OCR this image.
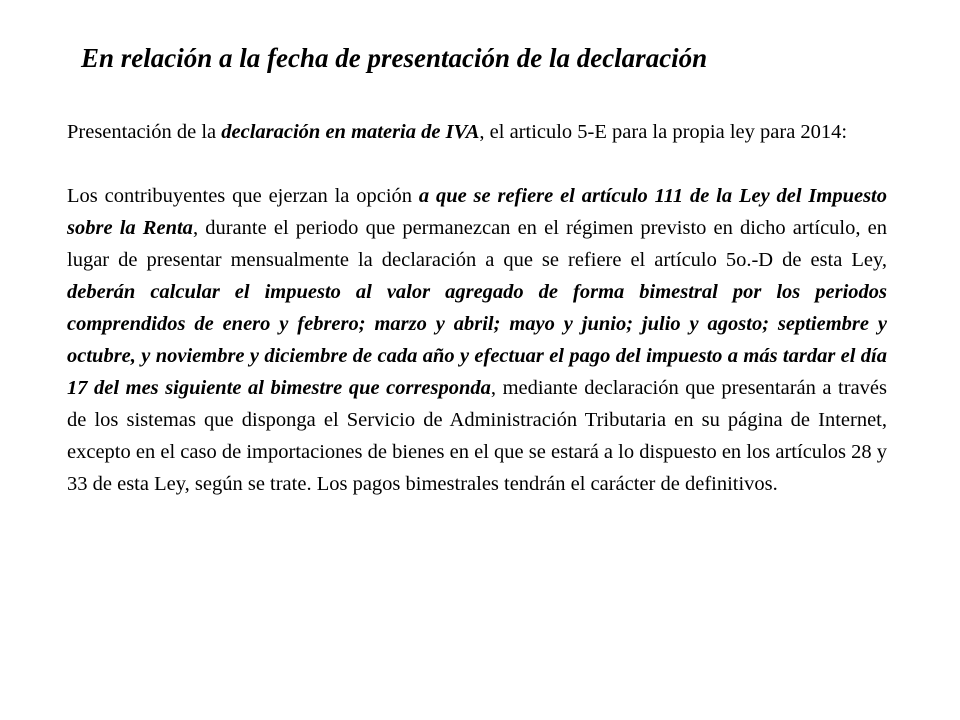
En relación a la fecha de presentación de la declaración

Presentación de la declaración en materia de IVA, el articulo 5-E para la propia ley para 2014:

Los contribuyentes que ejerzan la opción a que se refiere el artículo 111 de la Ley del Impuesto sobre la Renta, durante el periodo que permanezcan en el régimen previsto en dicho artículo, en lugar de presentar mensualmente la declaración a que se refiere el artículo 5o.-D de esta Ley, deberán calcular el impuesto al valor agregado de forma bimestral por los periodos comprendidos de enero y febrero; marzo y abril; mayo y junio; julio y agosto; septiembre y octubre, y noviembre y diciembre de cada año y efectuar el pago del impuesto a más tardar el día 17 del mes siguiente al bimestre que corresponda, mediante declaración que presentarán a través de los sistemas que disponga el Servicio de Administración Tributaria en su página de Internet, excepto en el caso de importaciones de bienes en el que se estará a lo dispuesto en los artículos 28 y 33 de esta Ley, según se trate. Los pagos bimestrales tendrán el carácter de definitivos.
